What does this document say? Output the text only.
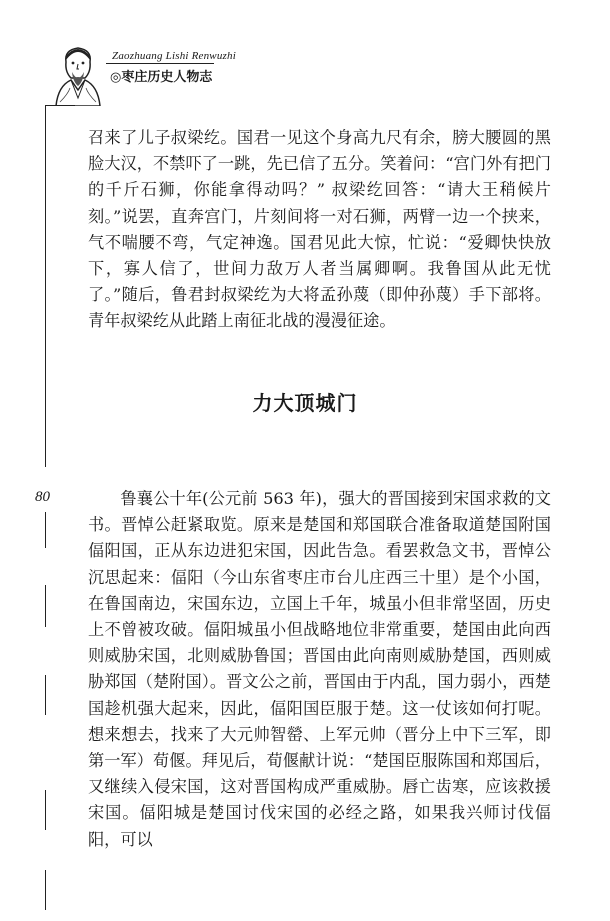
Zaozhuang Lishi Renwuzhi
◎枣庄历史人物志

召来了儿子叔梁纥。国君一见这个身高九尺有余，膀大腰圆的黑脸大汉，不禁吓了一跳，先已信了五分。笑着问：“宫门外有把门的千斤石狮，你能拿得动吗？” 叔梁纥回答：“请大王稍候片刻。”说罢，直奔宫门，片刻间将一对石狮，两臂一边一个挟来，气不喘腰不弯，气定神逸。国君见此大惊，忙说：“爱卿快快放下，寡人信了，世间力敌万人者当属卿啊。我鲁国从此无忧了。”随后，鲁君封叔梁纥为大将孟孙蔑（即仲孙蔑）手下部将。青年叔梁纥从此踏上南征北战的漫漫征途。

力大顶城门
80	鲁襄公十年(公元前 563 年)，强大的晋国接到宋国求救的文书。晋悼公赶紧取览。原来是楚国和郑国联合准备取道楚国附国偪阳国，正从东边进犯宋国，因此告急。看罢救急文书，晋悼公沉思起来：偪阳（今山东省枣庄市台儿庄西三十里）是个小国，在鲁国南边，宋国东边，立国上千年，城虽小但非常坚固，历史上不曾被攻破。偪阳城虽小但战略地位非常重要，楚国由此向西则威胁宋国，北则威胁鲁国；晋国由此向南则威胁楚国，西则威胁郑国（楚附国）。晋文公之前，晋国由于内乱，国力弱小，西楚国趁机强大起来，因此，偪阳国臣服于楚。这一仗该如何打呢。想来想去，找来了大元帅智罃、上军元帅（晋分上中下三军，即第一军）荀偃。拜见后，荀偃献计说：“楚国臣服陈国和郑国后，又继续入侵宋国，这对晋国构成严重威胁。唇亡齿寒，应该救援宋国。偪阳城是楚国讨伐宋国的必经之路，如果我兴师讨伐偪阳，可以
